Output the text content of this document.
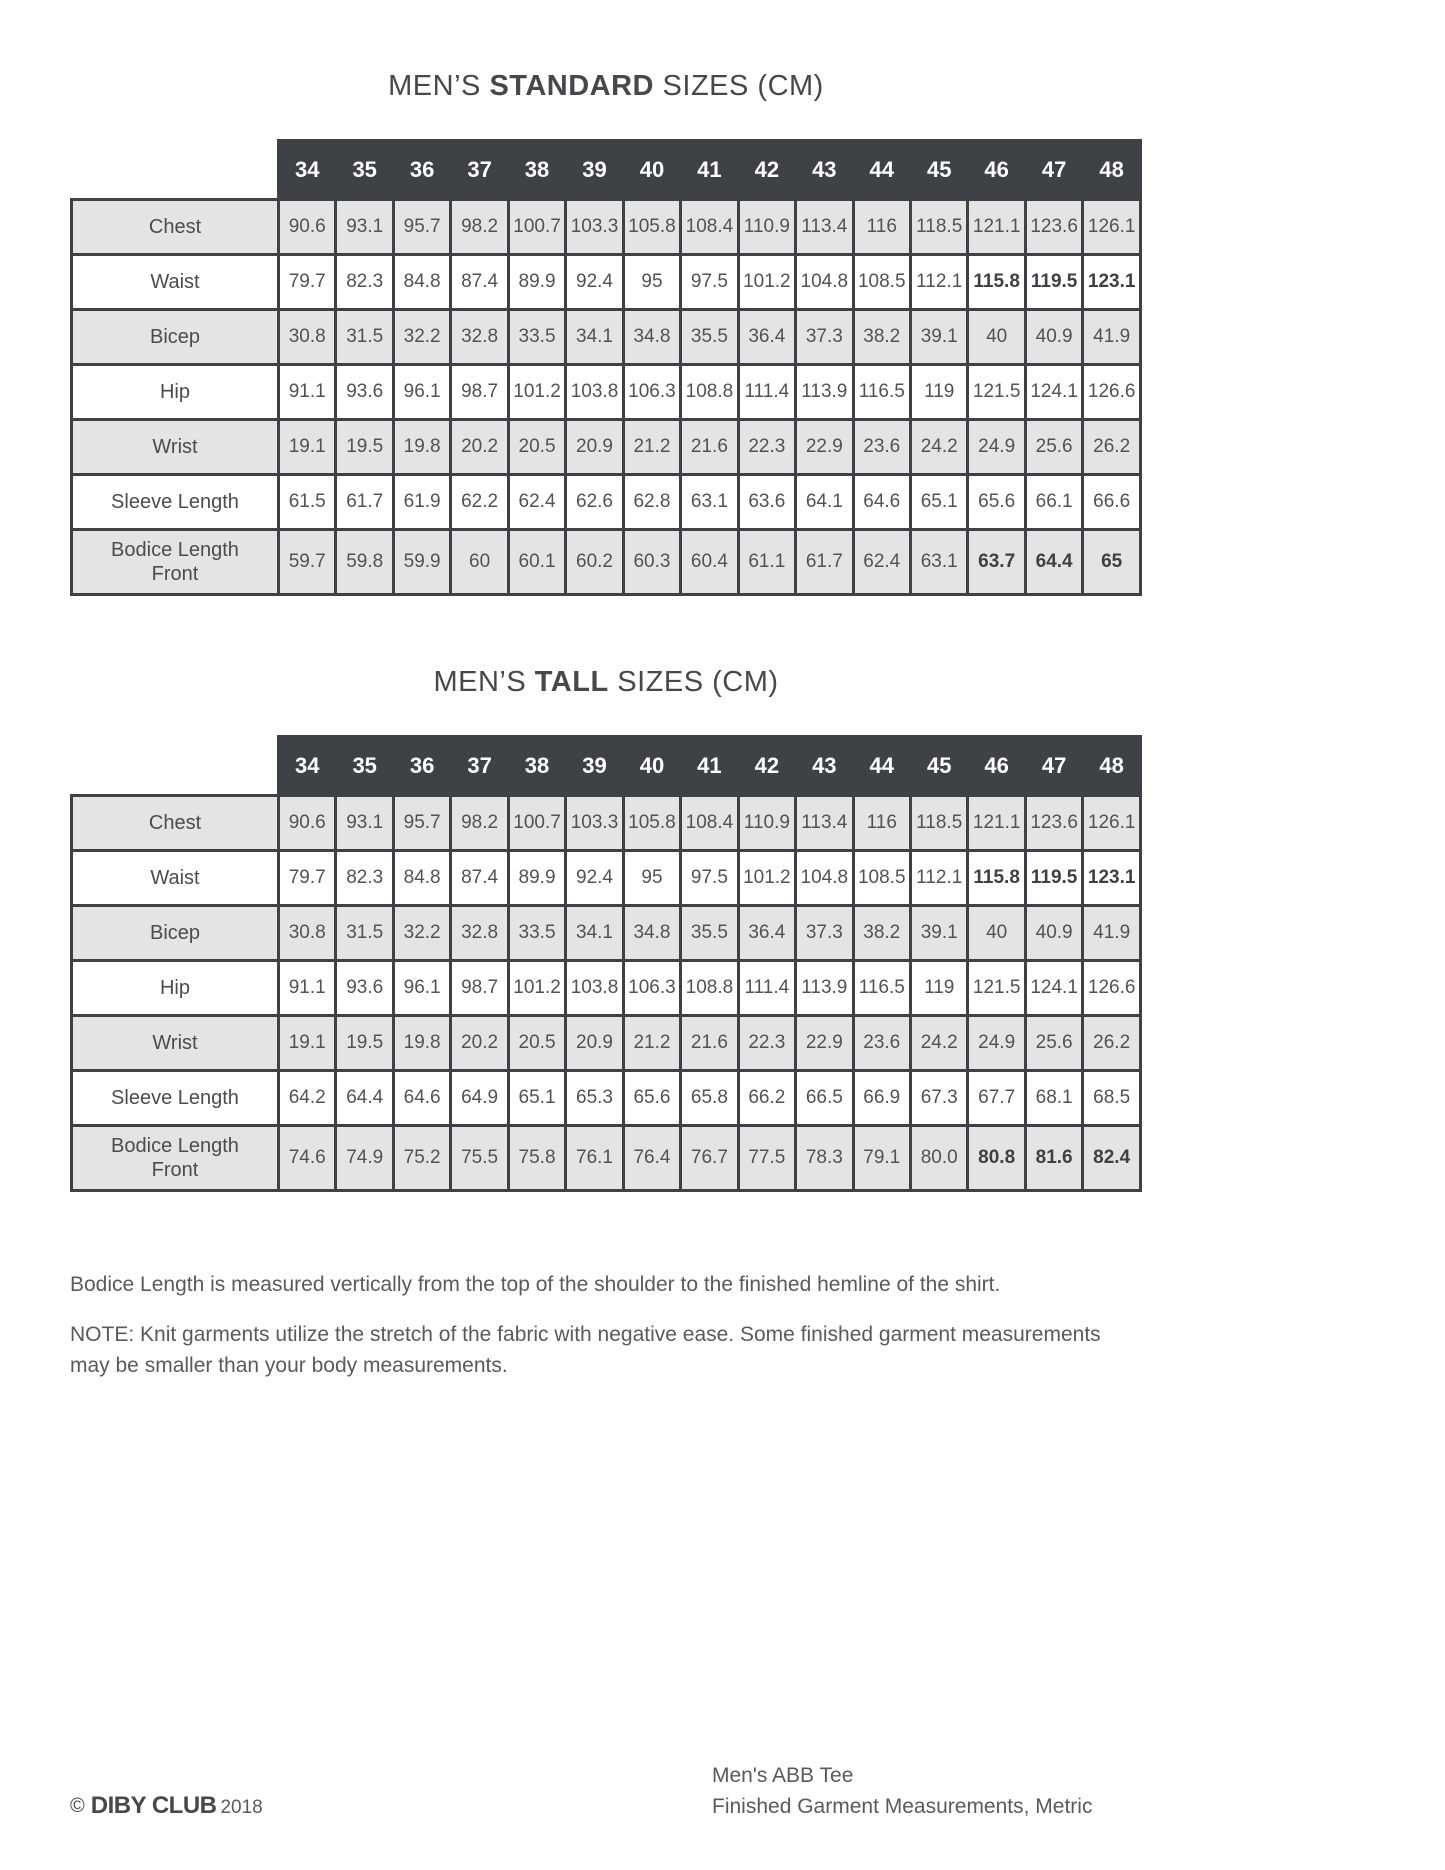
MEN’S STANDARD SIZES (CM)
	34	35	36	37	38	39	40	41	42	43	44	45	46	47	48
Chest	90.6	93.1	95.7	98.2	100.7	103.3	105.8	108.4	110.9	113.4	116	118.5	121.1	123.6	126.1
Waist	79.7	82.3	84.8	87.4	89.9	92.4	95	97.5	101.2	104.8	108.5	112.1	115.8	119.5	123.1
Bicep	30.8	31.5	32.2	32.8	33.5	34.1	34.8	35.5	36.4	37.3	38.2	39.1	40	40.9	41.9
Hip	91.1	93.6	96.1	98.7	101.2	103.8	106.3	108.8	111.4	113.9	116.5	119	121.5	124.1	126.6
Wrist	19.1	19.5	19.8	20.2	20.5	20.9	21.2	21.6	22.3	22.9	23.6	24.2	24.9	25.6	26.2
Sleeve Length	61.5	61.7	61.9	62.2	62.4	62.6	62.8	63.1	63.6	64.1	64.6	65.1	65.6	66.1	66.6
Bodice Length Front	59.7	59.8	59.9	60	60.1	60.2	60.3	60.4	61.1	61.7	62.4	63.1	63.7	64.4	65
MEN’S TALL SIZES (CM)
	34	35	36	37	38	39	40	41	42	43	44	45	46	47	48
Chest	90.6	93.1	95.7	98.2	100.7	103.3	105.8	108.4	110.9	113.4	116	118.5	121.1	123.6	126.1
Waist	79.7	82.3	84.8	87.4	89.9	92.4	95	97.5	101.2	104.8	108.5	112.1	115.8	119.5	123.1
Bicep	30.8	31.5	32.2	32.8	33.5	34.1	34.8	35.5	36.4	37.3	38.2	39.1	40	40.9	41.9
Hip	91.1	93.6	96.1	98.7	101.2	103.8	106.3	108.8	111.4	113.9	116.5	119	121.5	124.1	126.6
Wrist	19.1	19.5	19.8	20.2	20.5	20.9	21.2	21.6	22.3	22.9	23.6	24.2	24.9	25.6	26.2
Sleeve Length	64.2	64.4	64.6	64.9	65.1	65.3	65.6	65.8	66.2	66.5	66.9	67.3	67.7	68.1	68.5
Bodice Length Front	74.6	74.9	75.2	75.5	75.8	76.1	76.4	76.7	77.5	78.3	79.1	80.0	80.8	81.6	82.4

Bodice Length is measured vertically from the top of the shoulder to the finished hemline of the shirt.

NOTE: Knit garments utilize the stretch of the fabric with negative ease. Some finished garment measurements may be smaller than your body measurements.

© DIBY CLUB 2018
Men's ABB Tee
Finished Garment Measurements, Metric
